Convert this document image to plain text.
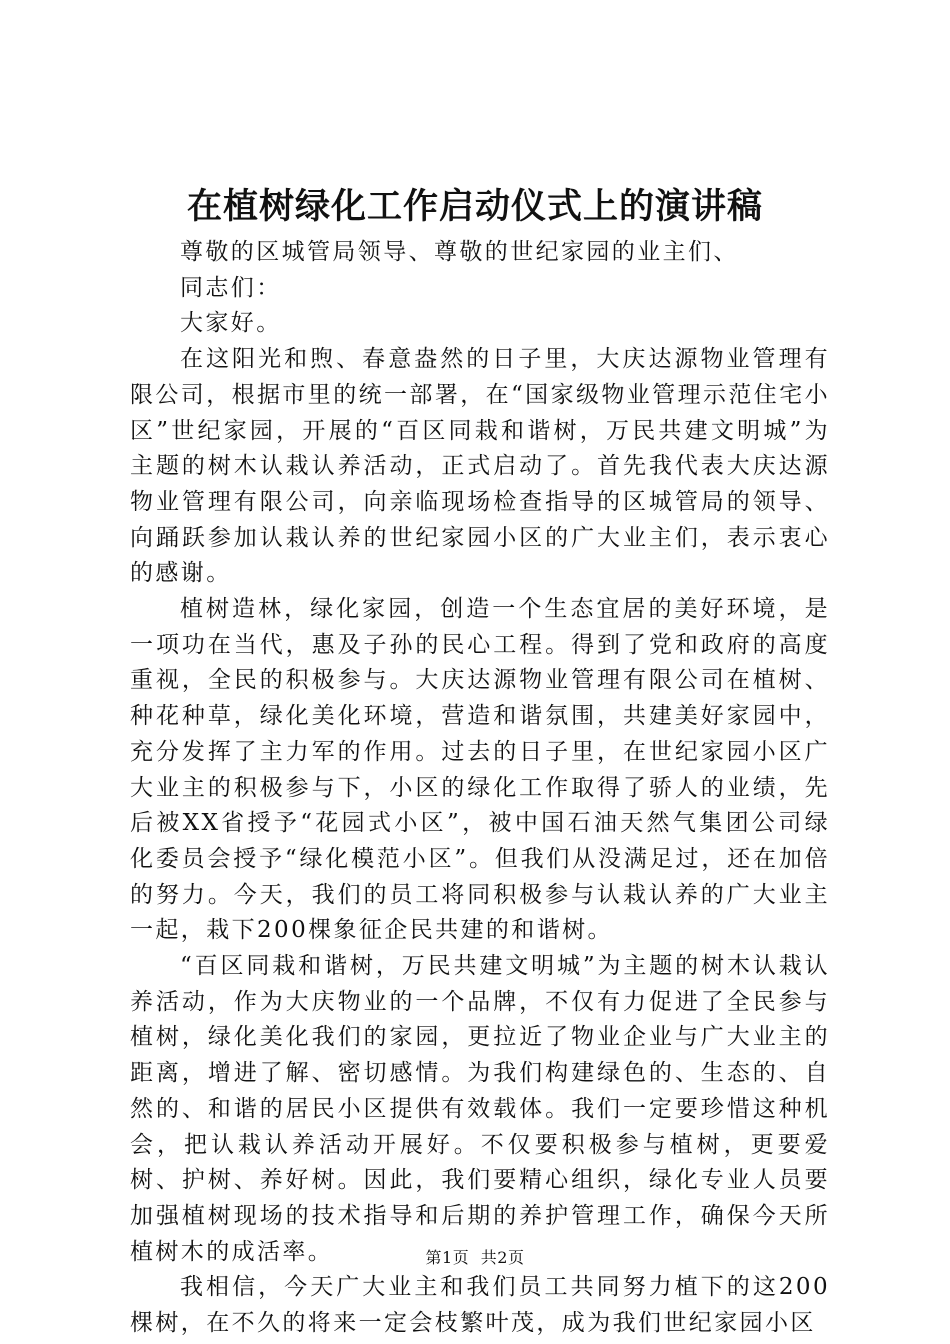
在植树绿化工作启动仪式上的演讲稿

尊敬的区城管局领导、尊敬的世纪家园的业主们、

同志们：

大家好。

在这阳光和煦、春意盎然的日子里，大庆达源物业管理有限公司，根据市里的统一部署，在“国家级物业管理示范住宅小区”世纪家园，开展的“百区同栽和谐树，万民共建文明城”为主题的树木认栽认养活动，正式启动了。首先我代表大庆达源物业管理有限公司，向亲临现场检查指导的区城管局的领导、向踊跃参加认栽认养的世纪家园小区的广大业主们，表示衷心的感谢。

植树造林，绿化家园，创造一个生态宜居的美好环境，是一项功在当代，惠及子孙的民心工程。得到了党和政府的高度重视，全民的积极参与。大庆达源物业管理有限公司在植树、种花种草，绿化美化环境，营造和谐氛围，共建美好家园中，充分发挥了主力军的作用。过去的日子里，在世纪家园小区广大业主的积极参与下，小区的绿化工作取得了骄人的业绩，先后被XX省授予“花园式小区”，被中国石油天然气集团公司绿化委员会授予“绿化模范小区”。但我们从没满足过，还在加倍的努力。今天，我们的员工将同积极参与认栽认养的广大业主一起，栽下200棵象征企民共建的和谐树。

“百区同栽和谐树，万民共建文明城”为主题的树木认栽认养活动，作为大庆物业的一个品牌，不仅有力促进了全民参与植树，绿化美化我们的家园，更拉近了物业企业与广大业主的距离，增进了解、密切感情。为我们构建绿色的、生态的、自然的、和谐的居民小区提供有效载体。我们一定要珍惜这种机会，把认栽认养活动开展好。不仅要积极参与植树，更要爱树、护树、养好树。因此，我们要精心组织，绿化专业人员要加强植树现场的技术指导和后期的养护管理工作，确保今天所植树木的成活率。

我相信，今天广大业主和我们员工共同努力植下的这200棵树，在不久的将来一定会枝繁叶茂，成为我们世纪家园小区

第1页 共2页
